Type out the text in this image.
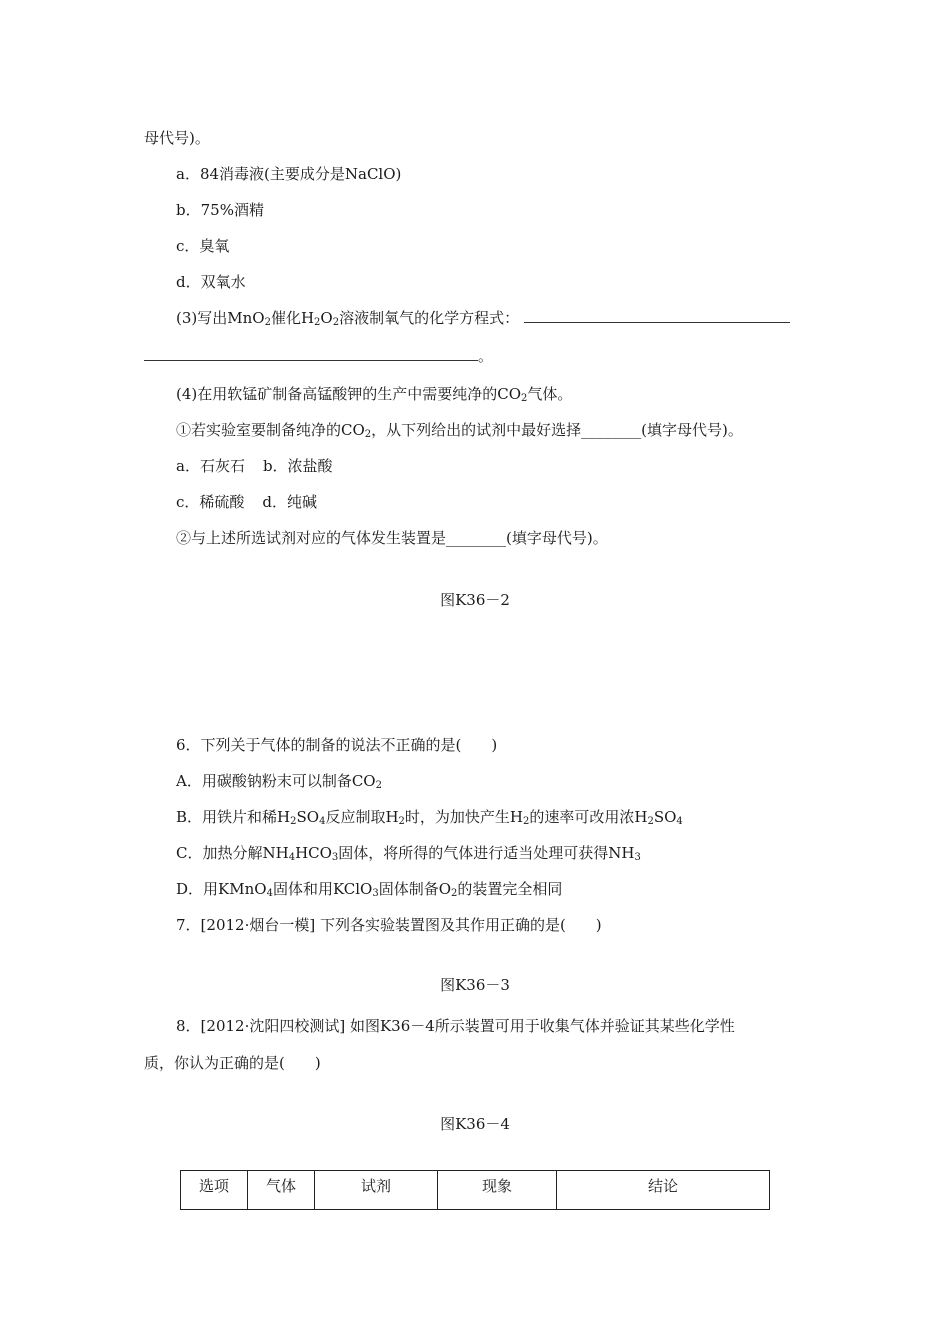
母代号)。
a．84消毒液(主要成分是NaClO)
b．75%酒精
c．臭氧
d．双氧水
(3)写出MnO$_2$催化$H_2O_2$溶液制氧气的化学方程式：
。
(4)在用软锰矿制备高锰酸钾的生产中需要纯净的$CO_2$气体。
①若实验室要制备纯净的$CO_2$，从下列给出的试剂中最好选择________(填字母代号)。
a．石灰石 b．浓盐酸
c．稀硫酸 d．纯碱
②与上述所选试剂对应的气体发生装置是________(填字母代号)。
图K36－2
6．下列关于气体的制备的说法不正确的是(　　)
A．用碳酸钠粉末可以制备$CO_2$
B．用铁片和稀$H_2SO_4$反应制取$H_2$时，为加快产生$H_2$的速率可改用浓$H_2SO_4$
C．加热分解$NH_4HCO_3$固体，将所得的气体进行适当处理可获得$NH_3$
D．用KMnO$_4$固体和用KClO$_3$固体制备$O_2$的装置完全相同
7．[2012·烟台一模] 下列各实验装置图及其作用正确的是(　　)
图K36－3
8．[2012·沈阳四校测试] 如图K36－4所示装置可用于收集气体并验证其某些化学性
质，你认为正确的是(　　)
图K36－4
选项	气体	试剂	现象	结论
